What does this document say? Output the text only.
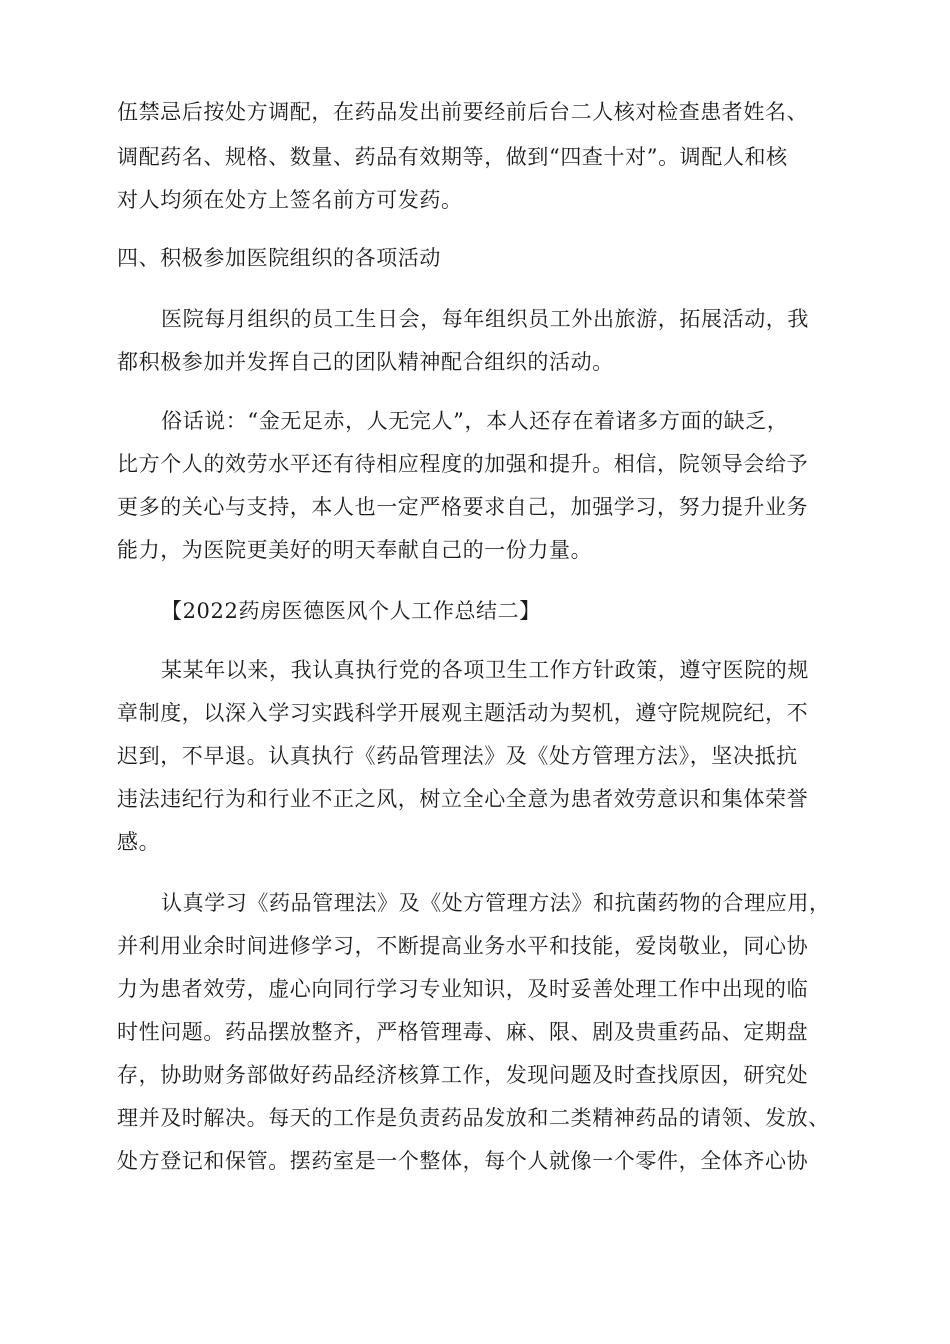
伍禁忌后按处方调配，在药品发出前要经前后台二人核对检查患者姓名、
调配药名、规格、数量、药品有效期等，做到“四查十对”。调配人和核
对人均须在处方上签名前方可发药。
四、积极参加医院组织的各项活动
医院每月组织的员工生日会，每年组织员工外出旅游，拓展活动，我
都积极参加并发挥自己的团队精神配合组织的活动。
俗话说：“金无足赤，人无完人”，本人还存在着诸多方面的缺乏，
比方个人的效劳水平还有待相应程度的加强和提升。相信，院领导会给予
更多的关心与支持，本人也一定严格要求自己，加强学习，努力提升业务
能力，为医院更美好的明天奉献自己的一份力量。
【2022药房医德医风个人工作总结二】
某某年以来，我认真执行党的各项卫生工作方针政策，遵守医院的规
章制度，以深入学习实践科学开展观主题活动为契机，遵守院规院纪，不
迟到，不早退。认真执行《药品管理法》及《处方管理方法》，坚决抵抗
违法违纪行为和行业不正之风，树立全心全意为患者效劳意识和集体荣誉
感。
认真学习《药品管理法》及《处方管理方法》和抗菌药物的合理应用，
并利用业余时间进修学习，不断提高业务水平和技能，爱岗敬业，同心协
力为患者效劳，虚心向同行学习专业知识，及时妥善处理工作中出现的临
时性问题。药品摆放整齐，严格管理毒、麻、限、剧及贵重药品、定期盘
存，协助财务部做好药品经济核算工作，发现问题及时查找原因，研究处
理并及时解决。每天的工作是负责药品发放和二类精神药品的请领、发放、
处方登记和保管。摆药室是一个整体，每个人就像一个零件，全体齐心协
